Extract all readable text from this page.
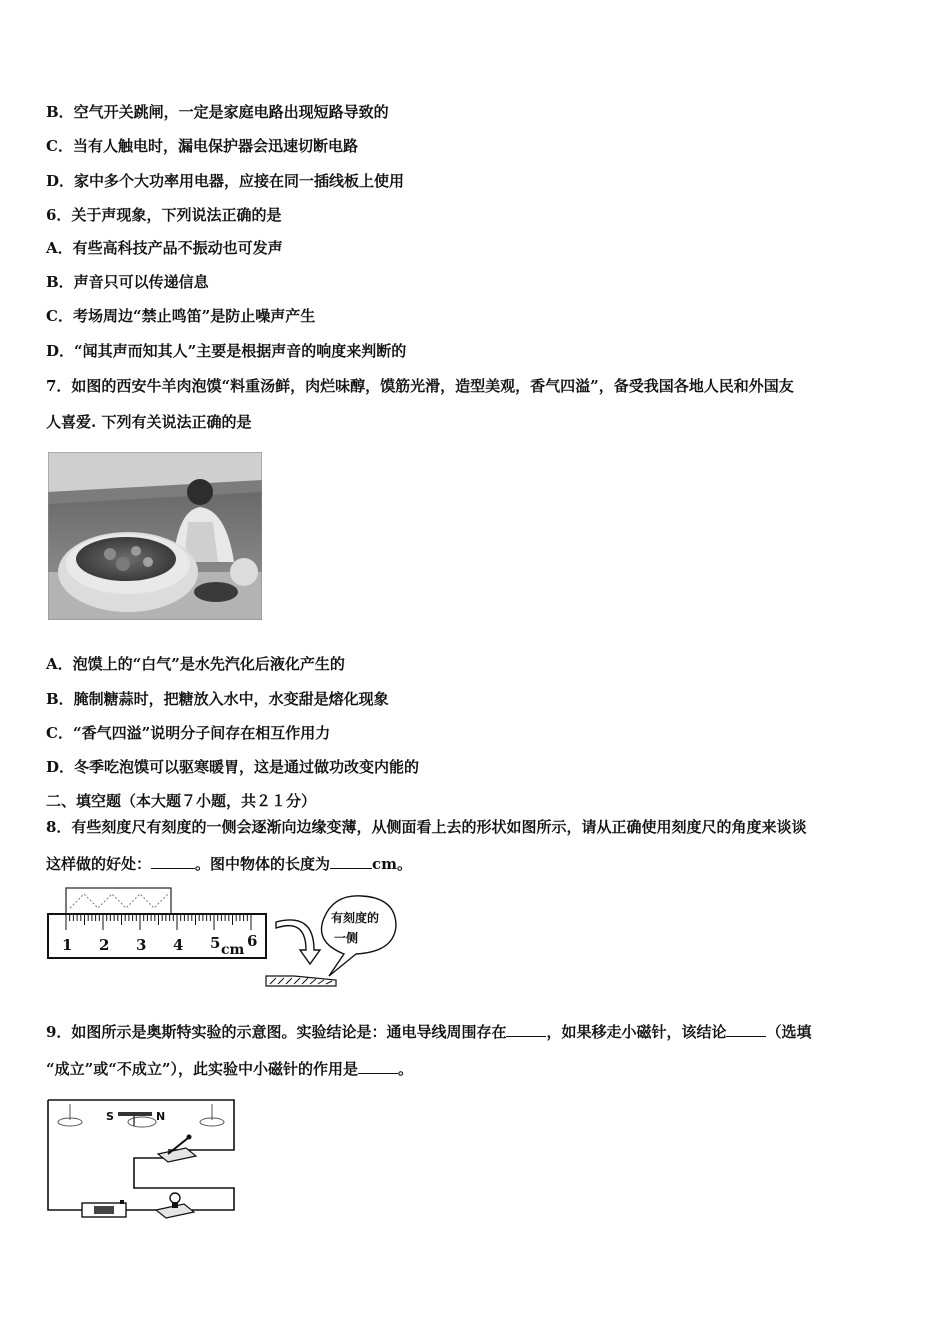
B．空气开关跳闸，一定是家庭电路出现短路导致的
C．当有人触电时，漏电保护器会迅速切断电路
D．家中多个大功率用电器，应接在同一插线板上使用
6．关于声现象，下列说法正确的是
A．有些高科技产品不振动也可发声
B．声音只可以传递信息
C．考场周边“禁止鸣笛”是防止噪声产生
D．“闻其声而知其人”主要是根据声音的响度来判断的
7．如图的西安牛羊肉泡馍“料重汤鲜，肉烂味醇，馍筋光滑，造型美观，香气四溢”，备受我国各地人民和外国友
人喜爱. 下列有关说法正确的是
A．泡馍上的“白气”是水先汽化后液化产生的
B．腌制糖蒜时，把糖放入水中，水变甜是熔化现象
C．“香气四溢”说明分子间存在相互作用力
D．冬季吃泡馍可以驱寒暖胃，这是通过做功改变内能的
二、填空题（本大题７小题，共２１分）
8．有些刻度尺有刻度的一侧会逐渐向边缘变薄，从侧面看上去的形状如图所示，请从正确使用刻度尺的角度来谈谈
这样做的好处：	。图中物体的长度为	cm。
1 2 3 4 5 cm 6
有刻度的
一侧
9．如图所示是奥斯特实验的示意图。实验结论是：通电导线周围存在	，如果移走小磁针，该结论	（选填
“成立”或“不成立”），此实验中小磁针的作用是	。
S	N
